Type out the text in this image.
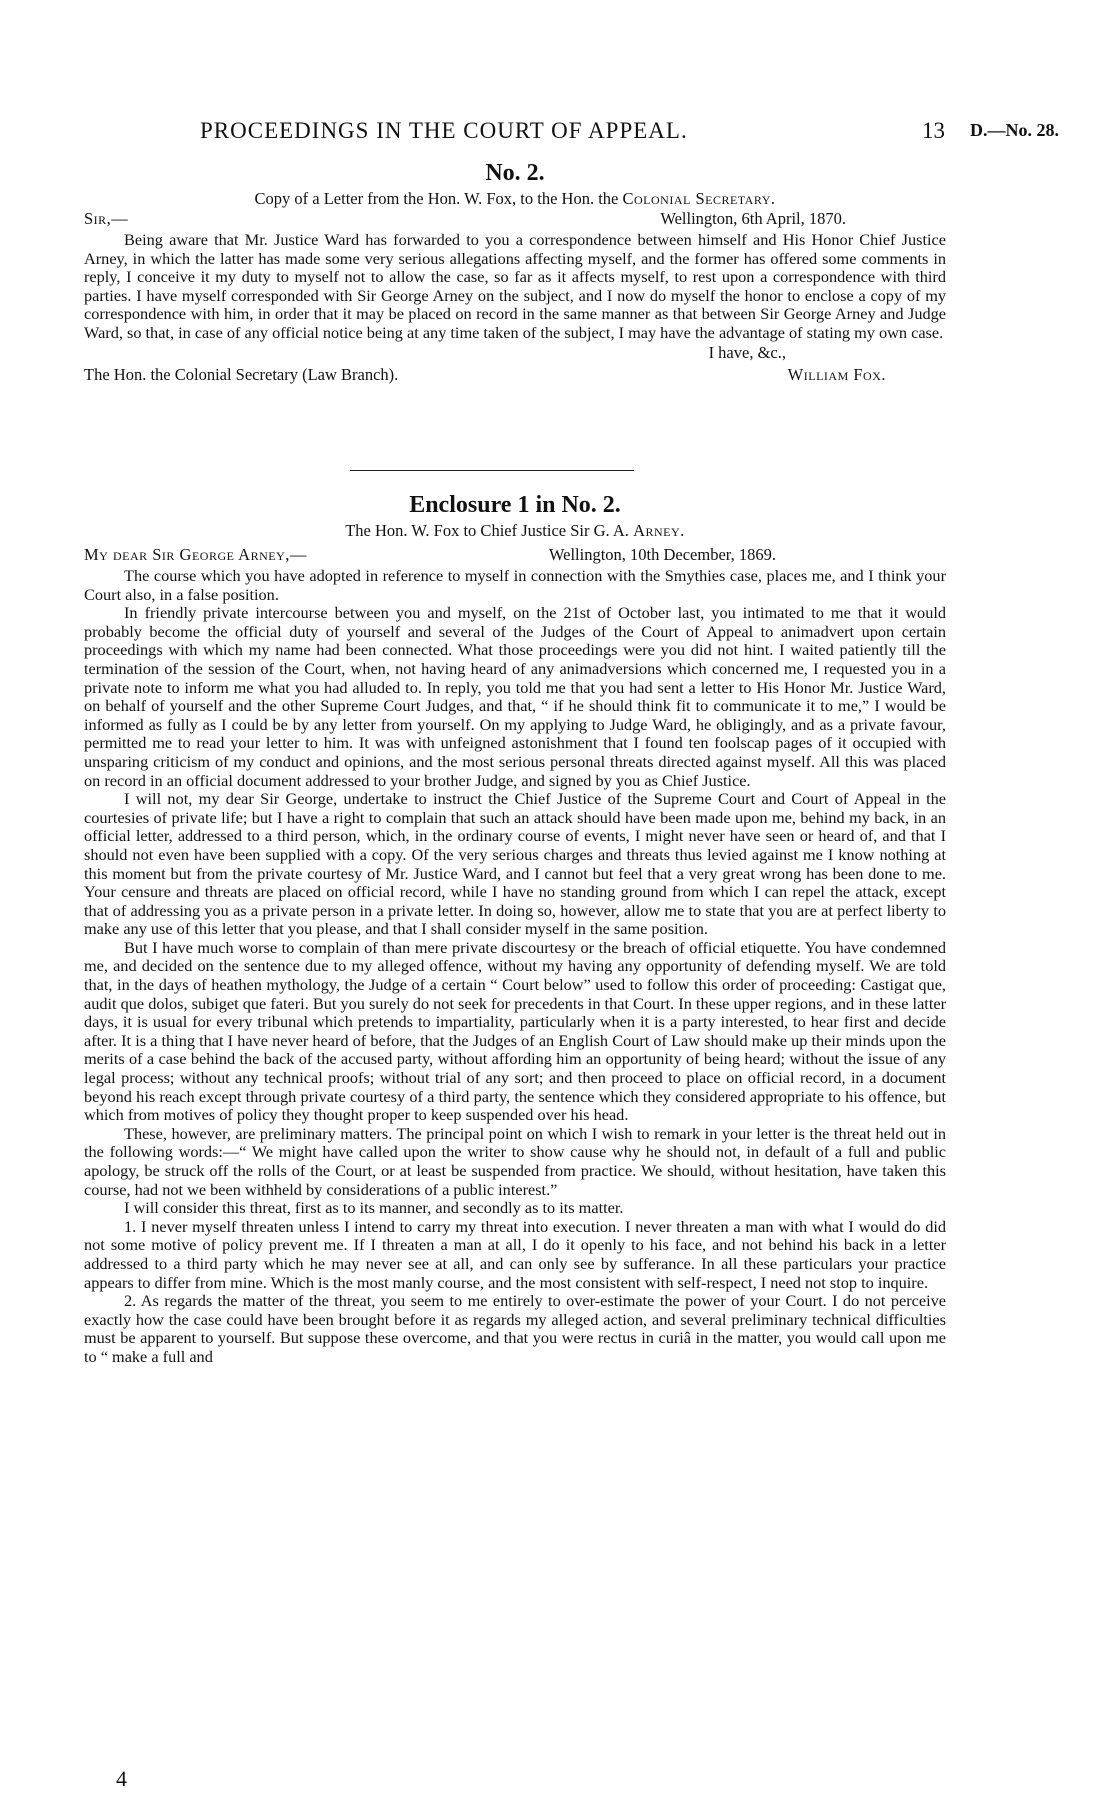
PROCEEDINGS IN THE COURT OF APPEAL.	13 D.—No. 28.
No. 2.
Copy of a Letter from the Hon. W. Fox, to the Hon. the Colonial Secretary.
Sir,—	Wellington, 6th April, 1870.

Being aware that Mr. Justice Ward has forwarded to you a correspondence between himself and His Honor Chief Justice Arney, in which the latter has made some very serious allegations affecting myself, and the former has offered some comments in reply, I conceive it my duty to myself not to allow the case, so far as it affects myself, to rest upon a correspondence with third parties. I have myself corresponded with Sir George Arney on the subject, and I now do myself the honor to enclose a copy of my correspondence with him, in order that it may be placed on record in the same manner as that between Sir George Arney and Judge Ward, so that, in case of any official notice being at any time taken of the subject, I may have the advantage of stating my own case.

I have, &c.,
The Hon. the Colonial Secretary (Law Branch).	William Fox.
Enclosure 1 in No. 2.
The Hon. W. Fox to Chief Justice Sir G. A. Arney.
My dear Sir George Arney,—	Wellington, 10th December, 1869.

The course which you have adopted in reference to myself in connection with the Smythies case, places me, and I think your Court also, in a false position.

In friendly private intercourse between you and myself, on the 21st of October last, you intimated to me that it would probably become the official duty of yourself and several of the Judges of the Court of Appeal to animadvert upon certain proceedings with which my name had been connected. What those proceedings were you did not hint. I waited patiently till the termination of the session of the Court, when, not having heard of any animadversions which concerned me, I requested you in a private note to inform me what you had alluded to. In reply, you told me that you had sent a letter to His Honor Mr. Justice Ward, on behalf of yourself and the other Supreme Court Judges, and that, “ if he should think fit to communicate it to me,” I would be informed as fully as I could be by any letter from yourself. On my applying to Judge Ward, he obligingly, and as a private favour, permitted me to read your letter to him. It was with unfeigned astonishment that I found ten foolscap pages of it occupied with unsparing criticism of my conduct and opinions, and the most serious personal threats directed against myself. All this was placed on record in an official document addressed to your brother Judge, and signed by you as Chief Justice.

I will not, my dear Sir George, undertake to instruct the Chief Justice of the Supreme Court and Court of Appeal in the courtesies of private life; but I have a right to complain that such an attack should have been made upon me, behind my back, in an official letter, addressed to a third person, which, in the ordinary course of events, I might never have seen or heard of, and that I should not even have been supplied with a copy. Of the very serious charges and threats thus levied against me I know nothing at this moment but from the private courtesy of Mr. Justice Ward, and I cannot but feel that a very great wrong has been done to me. Your censure and threats are placed on official record, while I have no standing ground from which I can repel the attack, except that of addressing you as a private person in a private letter. In doing so, however, allow me to state that you are at perfect liberty to make any use of this letter that you please, and that I shall consider myself in the same position.

But I have much worse to complain of than mere private discourtesy or the breach of official etiquette. You have condemned me, and decided on the sentence due to my alleged offence, without my having any opportunity of defending myself. We are told that, in the days of heathen mythology, the Judge of a certain “ Court below” used to follow this order of proceeding: Castigat que, audit que dolos, subiget que fateri. But you surely do not seek for precedents in that Court. In these upper regions, and in these latter days, it is usual for every tribunal which pretends to impartiality, particularly when it is a party interested, to hear first and decide after. It is a thing that I have never heard of before, that the Judges of an English Court of Law should make up their minds upon the merits of a case behind the back of the accused party, without affording him an opportunity of being heard; without the issue of any legal process; without any technical proofs; without trial of any sort; and then proceed to place on official record, in a document beyond his reach except through private courtesy of a third party, the sentence which they considered appropriate to his offence, but which from motives of policy they thought proper to keep suspended over his head.

These, however, are preliminary matters. The principal point on which I wish to remark in your letter is the threat held out in the following words:—“ We might have called upon the writer to show cause why he should not, in default of a full and public apology, be struck off the rolls of the Court, or at least be suspended from practice. We should, without hesitation, have taken this course, had not we been withheld by considerations of a public interest.”

I will consider this threat, first as to its manner, and secondly as to its matter.

1. I never myself threaten unless I intend to carry my threat into execution. I never threaten a man with what I would do did not some motive of policy prevent me. If I threaten a man at all, I do it openly to his face, and not behind his back in a letter addressed to a third party which he may never see at all, and can only see by sufferance. In all these particulars your practice appears to differ from mine. Which is the most manly course, and the most consistent with self-respect, I need not stop to inquire.

2. As regards the matter of the threat, you seem to me entirely to over-estimate the power of your Court. I do not perceive exactly how the case could have been brought before it as regards my alleged action, and several preliminary technical difficulties must be apparent to yourself. But suppose these overcome, and that you were rectus in curiâ in the matter, you would call upon me to “ make a full and

4
